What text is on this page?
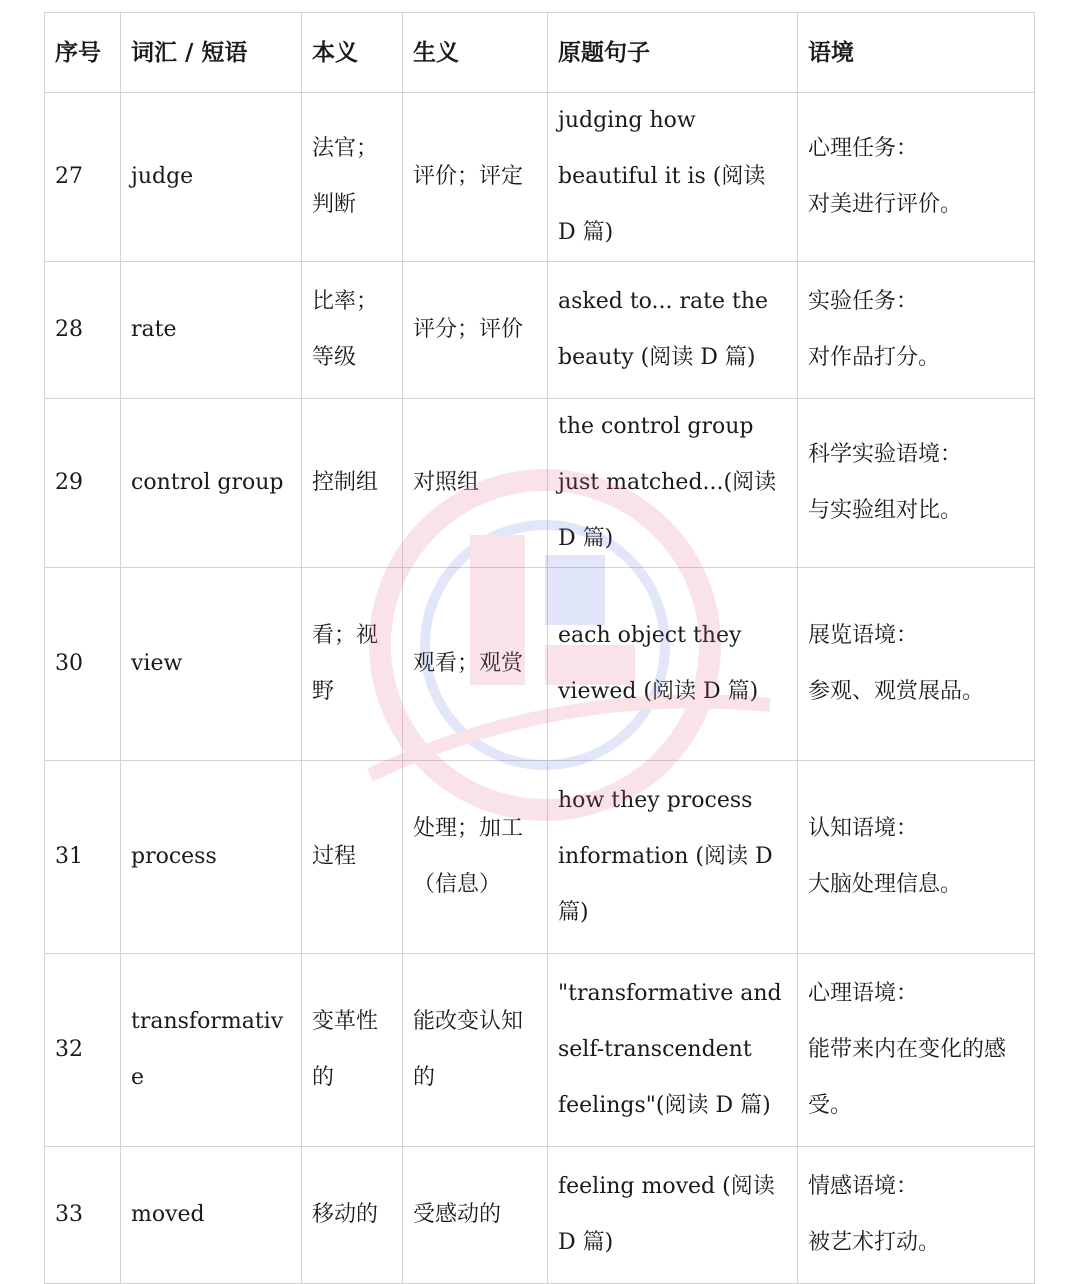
序号	词汇 / 短语	本义	生义	原题句子	语境
27	judge	法官；判断	评价；评定	judging how beautiful it is (阅读 D 篇)	心理任务：
对美进行评价。

28	rate	比率；等级	评分；评价	asked to... rate the beauty (阅读 D 篇)	实验任务：
对作品打分。

29	control group	控制组	对照组	the control group just matched...(阅读 D 篇)	科学实验语境：
与实验组对比。

30	view	看；视野	观看；观赏	each object they viewed (阅读 D 篇)	展览语境：
参观、观赏展品。

31	process	过程	处理；加工（信息）	how they process information (阅读 D 篇)	认知语境：
大脑处理信息。

32	transformative	变革性的	能改变认知的	"transformative and self-transcendent feelings"(阅读 D 篇)	心理语境：
能带来内在变化的感受。

33	moved	移动的	受感动的	feeling moved (阅读 D 篇)	情感语境：
被艺术打动。
